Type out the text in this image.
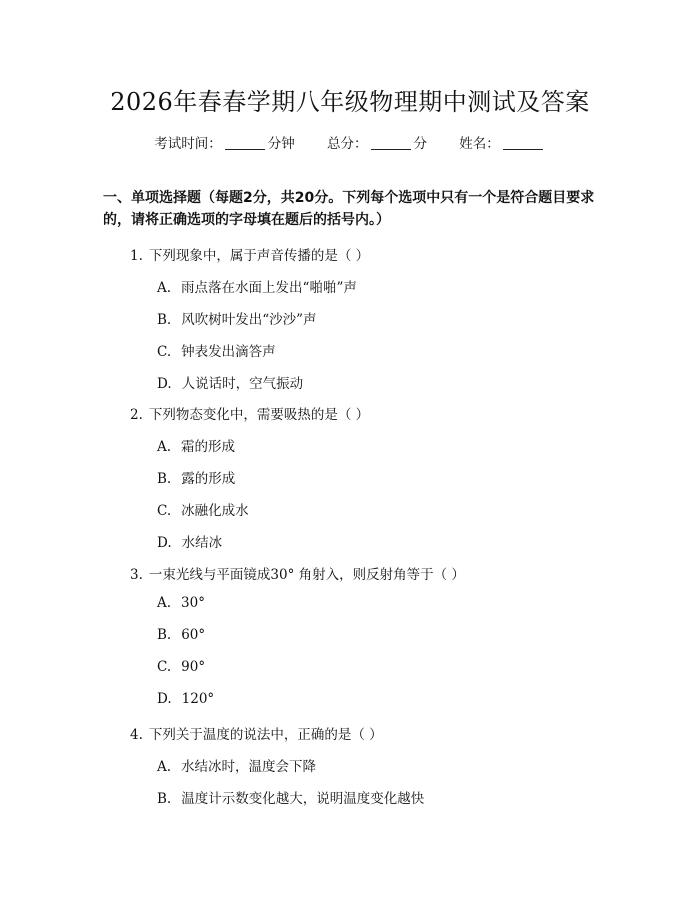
2026年春春学期八年级物理期中测试及答案
考试时间：	分钟 总分：	分 姓名：
一、单项选择题（每题2分，共20分。下列每个选项中只有一个是符合题目要求的，请将正确选项的字母填在题后的括号内。）
1. 下列现象中，属于声音传播的是（ ）
A. 雨点落在水面上发出“啪啪”声
B. 风吹树叶发出“沙沙”声
C. 钟表发出滴答声
D. 人说话时，空气振动
2. 下列物态变化中，需要吸热的是（ ）
A. 霜的形成
B. 露的形成
C. 冰融化成水
D. 水结冰
3. 一束光线与平面镜成30° 角射入，则反射角等于（ ）
A. 30°
B. 60°
C. 90°
D. 120°
4. 下列关于温度的说法中，正确的是（ ）
A. 水结冰时，温度会下降
B. 温度计示数变化越大，说明温度变化越快
